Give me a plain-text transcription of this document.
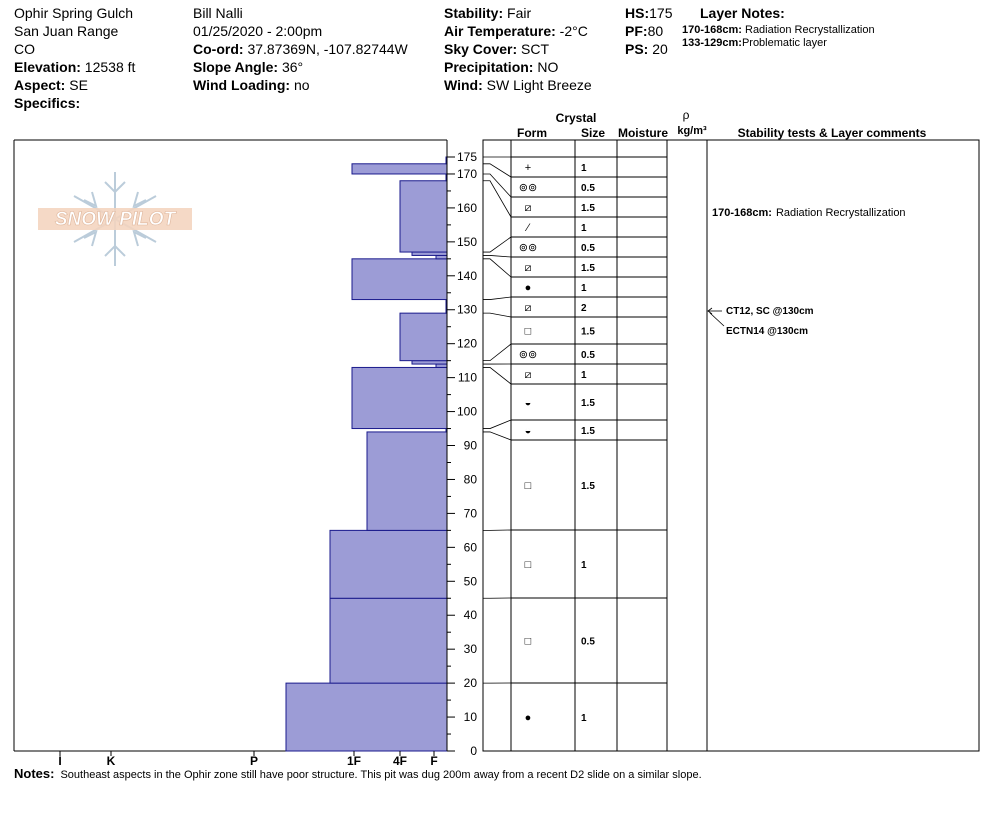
Ophir Spring Gulch
San Juan Range
CO
Elevation: 12538 ft
Aspect: SE
Specifics:
Bill Nalli
01/25/2020 - 2:00pm
Co-ord: 37.87369N, -107.82744W
Slope Angle: 36°
Wind Loading: no
Stability: Fair
Air Temperature: -2°C
Sky Cover: SCT
Precipitation: NO
Wind: SW Light Breeze
HS:175
PF:80
PS: 20
Layer Notes:
170-168cm: Radiation Recrystallization
133-129cm:Problematic layer
SNOW PILOT
I	K	P	1F	4F F
0
10
20
30
40
50
60
70
80
90
100
110
120
130
140
150
160
170
175
Crystal
Form	Size Moisture
ρ
kg/m³	Stability tests & Layer comments
+	1
⊚⊚	0.5
⧄	1.5
⁄	1
⊚⊚	0.5
⧄	1.5
●	1
⧄	2
□	1.5
⊚⊚	0.5
⧄	1
◒	1.5
◒	1.5
□	1.5
□	1
□	0.5
●	1
170-168cm: Radiation Recrystallization
CT12, SC @130cm
ECTN14 @130cm
Notes: Southeast aspects in the Ophir zone still have poor structure. This pit was dug 200m away from a recent D2 slide on a similar slope.
